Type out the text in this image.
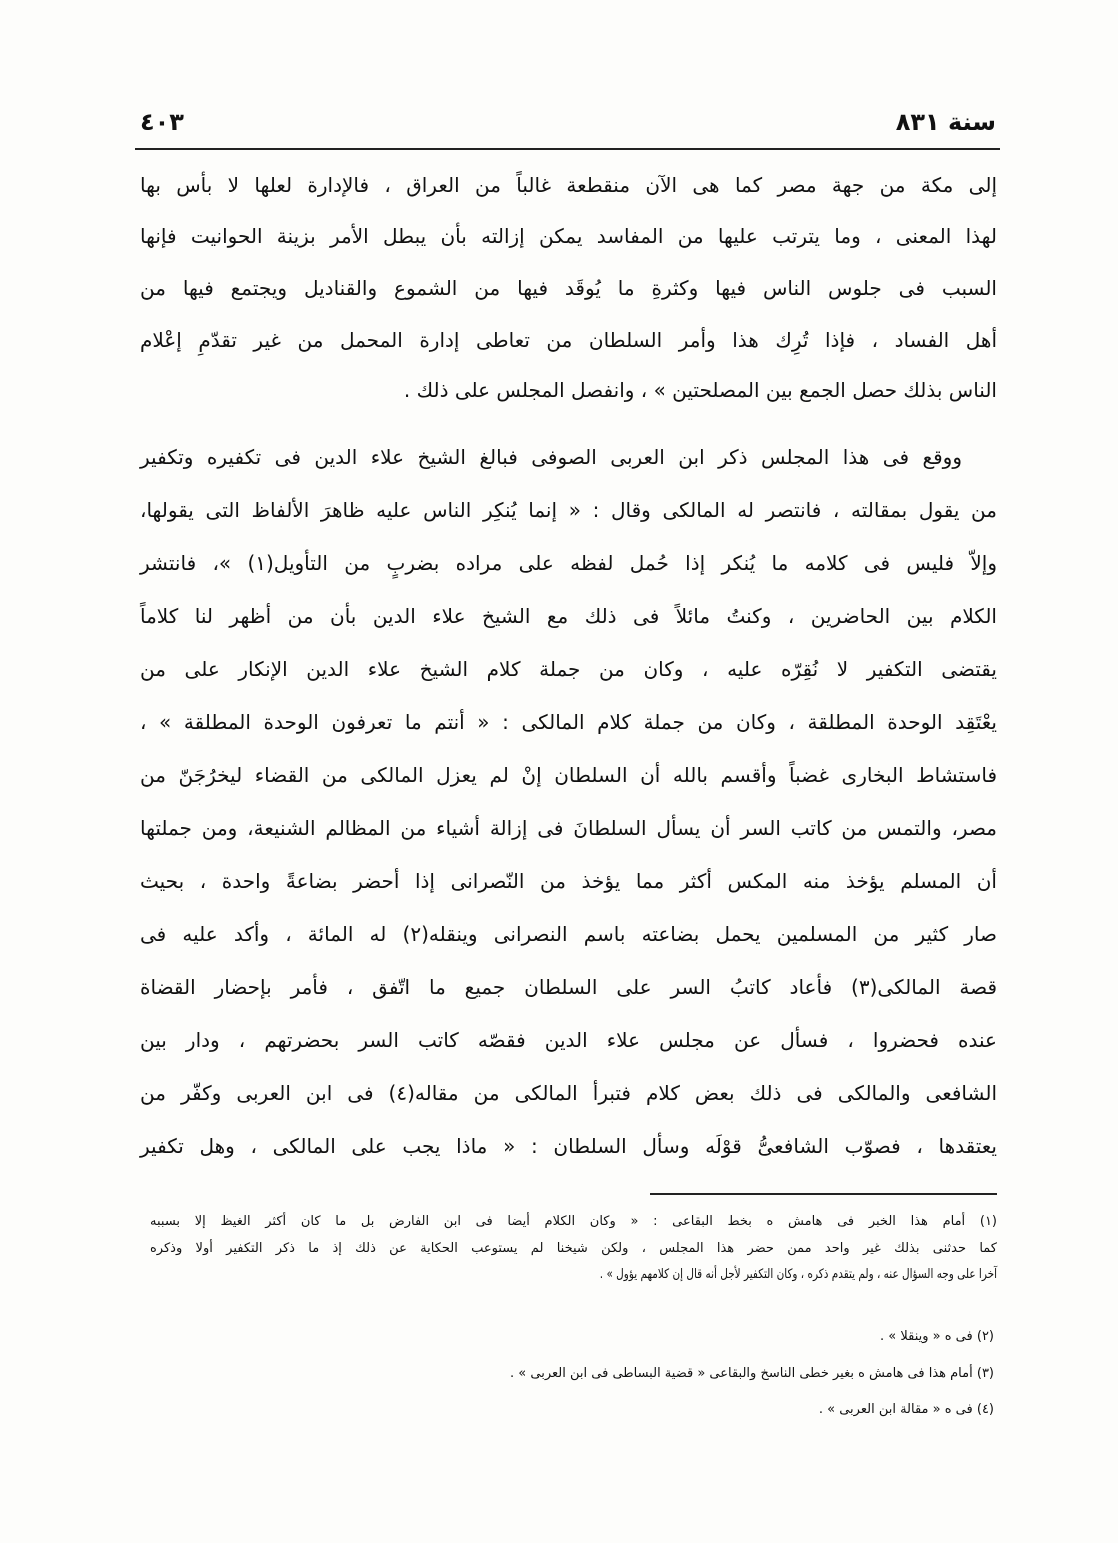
سنة ٨٣١
٤٠٣
إلى مكة من جهة مصر كما هى الآن منقطعة غالباً من العراق ، فالإدارة لعلها لا بأس بها
لهذا المعنى ، وما يترتب عليها من المفاسد يمكن إزالته بأن يبطل الأمر بزينة الحوانيت فإنها
السبب فى جلوس الناس فيها وكثرةِ ما يُوقَد فيها من الشموع والقناديل ويجتمع فيها من
أهل الفساد ، فإذا تُرِك هذا وأمر السلطان من تعاطى إدارة المحمل من غير تقدّمِ إعْلام
الناس بذلك حصل الجمع بين المصلحتين » ، وانفصل المجلس على ذلك .
ووقع فى هذا المجلس ذكر ابن العربى الصوفى فبالغ الشيخ علاء الدين فى تكفيره وتكفير
من يقول بمقالته ، فانتصر له المالكى وقال : « إنما يُنكِر الناس عليه ظاهرَ الألفاظ التى يقولها،
وإلاّ فليس فى كلامه ما يُنكر إذا حُمل لفظه على مراده بضربٍ من التأويل(١) »، فانتشر
الكلام بين الحاضرين ، وكنتُ مائلاً فى ذلك مع الشيخ علاء الدين بأن من أظهر لنا كلاماً
يقتضى التكفير لا نُقِرّه عليه ، وكان من جملة كلام الشيخ علاء الدين الإنكار على من
يعْتَقِد الوحدة المطلقة ، وكان من جملة كلام المالكى : « أنتم ما تعرفون الوحدة المطلقة » ،
فاستشاط البخارى غضباً وأقسم بالله أن السلطان إنْ لم يعزل المالكى من القضاء ليخرُجَنّ من
مصر، والتمس من كاتب السر أن يسأل السلطانَ فى إزالة أشياء من المظالم الشنيعة، ومن جملتها
أن المسلم يؤخذ منه المكس أكثر مما يؤخذ من النّصرانى إذا أحضر بضاعةً واحدة ، بحيث
صار كثير من المسلمين يحمل بضاعته باسم النصرانى وينقله(٢) له المائة ، وأكد عليه فى
قصة المالكى(٣) فأعاد كاتبُ السر على السلطان جميع ما اتّفق ، فأمر بإحضار القضاة
عنده فحضروا ، فسأل عن مجلس علاء الدين فقصّه كاتب السر بحضرتهم ، ودار بين
الشافعى والمالكى فى ذلك بعض كلام فتبرأ المالكى من مقاله(٤) فى ابن العربى وكفّر من
يعتقدها ، فصوّب الشافعىُّ قوْلَه وسأل السلطان : « ماذا يجب على المالكى ، وهل تكفير
(١) أمام هذا الخبر فى هامش ه بخط البقاعى : « وكان الكلام أيضا فى ابن الفارض بل ما كان أكثر الغيظ إلا بسببه
كما حدثنى بذلك غير واحد ممن حضر هذا المجلس ، ولكن شيخنا لم يستوعب الحكاية عن ذلك إذ ما ذكر التكفير أولا وذكره
آخرا على وجه السؤال عنه ، ولم يتقدم ذكره ، وكان التكفير لأجل أنه قال إن كلامهم يؤول » .
(٢) فى ه « وينقلا » .
(٣) أمام هذا فى هامش ه بغير خطى الناسخ والبقاعى « قضية البساطى فى ابن العربى » .
(٤) فى ه « مقالة ابن العربى » .
